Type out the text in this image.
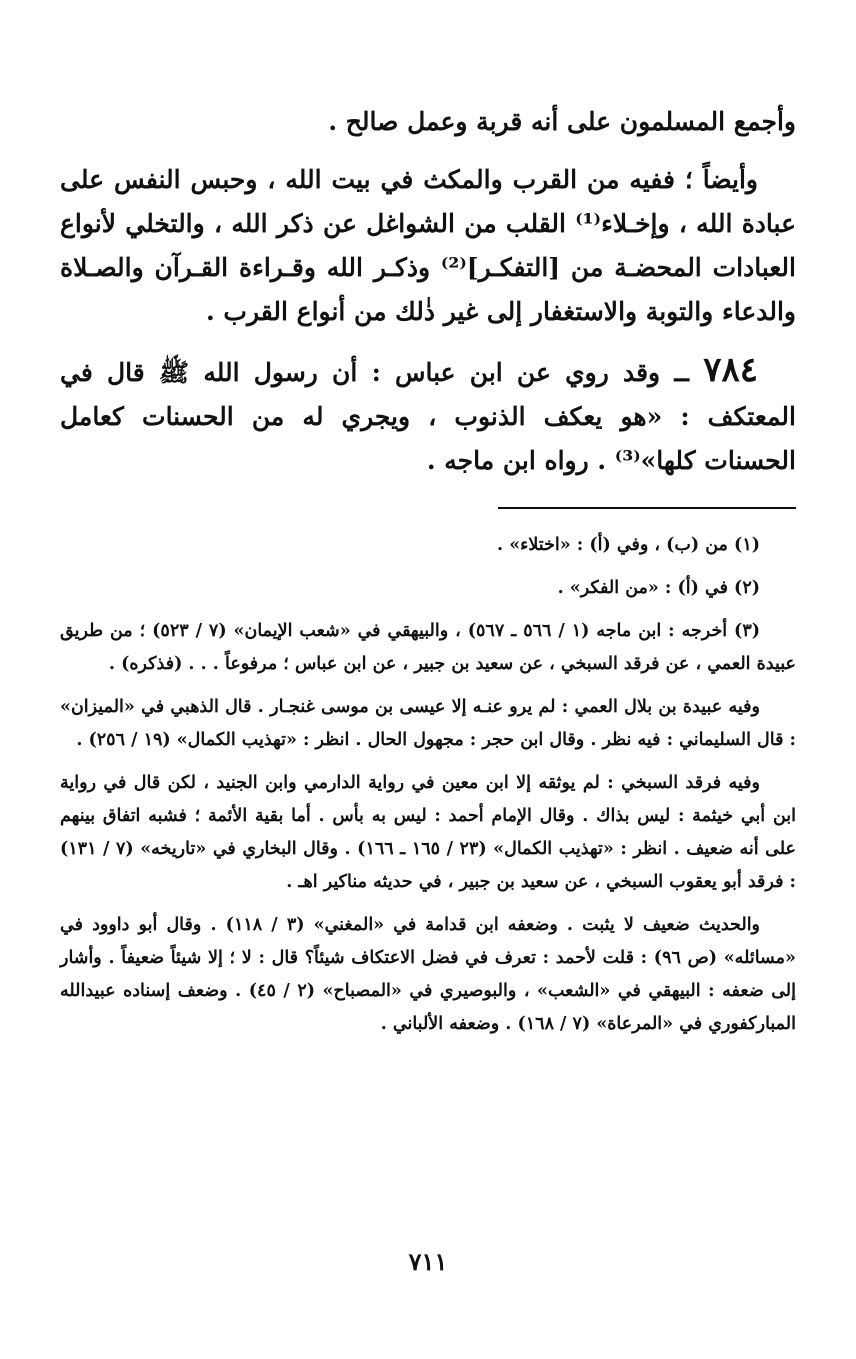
وأجمع المسلمون على أنه قربة وعمل صالح .

وأيضاً ؛ ففيه من القرب والمكث في بيت الله ، وحبس النفس على عبادة الله ، وإخـلاء⁽¹⁾ القلب من الشواغل عن ذكر الله ، والتخلي لأنواع العبادات المحضـة من [التفكـر]⁽²⁾ وذكـر الله وقـراءة القـرآن والصـلاة والدعاء والتوبة والاستغفار إلى غير ذٰلك من أنواع القرب .

٧٨٤ ــ وقد روي عن ابن عباس : أن رسول الله ﷺ قال في المعتكف : «هو يعكف الذنوب ، ويجري له من الحسنات كعامل الحسنات كلها»⁽³⁾ . رواه ابن ماجه .

(١) من (ب) ، وفي (أ) : «اختلاء» .

(٢) في (أ) : «من الفكر» .

(٣) أخرجه : ابن ماجه (١ / ٥٦٦ ـ ٥٦٧) ، والبيهقي في «شعب الإيمان» (٧ / ٥٢٣) ؛ من طريق عبيدة العمي ، عن فرقد السبخي ، عن سعيد بن جبير ، عن ابن عباس ؛ مرفوعاً . . . (فذكره) .

وفيه عبيدة بن بلال العمي : لم يرو عنـه إلا عيسى بن موسى غنجـار . قال الذهبي في «الميزان» : قال السليماني : فيه نظر . وقال ابن حجر : مجهول الحال . انظر : «تهذيب الكمال» (١٩ / ٢٥٦) .

وفيه فرقد السبخي : لم يوثقه إلا ابن معين في رواية الدارمي وابن الجنيد ، لكن قال في رواية ابن أبي خيثمة : ليس بذاك . وقال الإمام أحمد : ليس به بأس . أما بقية الأئمة ؛ فشبه اتفاق بينهم على أنه ضعيف . انظر : «تهذيب الكمال» (٢٣ / ١٦٥ ـ ١٦٦) . وقال البخاري في «تاريخه» (٧ / ١٣١) : فرقد أبو يعقوب السبخي ، عن سعيد بن جبير ، في حديثه مناكير اهـ .

والحديث ضعيف لا يثبت . وضعفه ابن قدامة في «المغني» (٣ / ١١٨) . وقال أبو داوود في «مسائله» (ص ٩٦) : قلت لأحمد : تعرف في فضل الاعتكاف شيئاً؟ قال : لا ؛ إلا شيئاً ضعيفاً . وأشار إلى ضعفه : البيهقي في «الشعب» ، والبوصيري في «المصباح» (٢ / ٤٥) . وضعف إسناده عبيدالله المباركفوري في «المرعاة» (٧ / ١٦٨) . وضعفه الألباني .

٧١١
